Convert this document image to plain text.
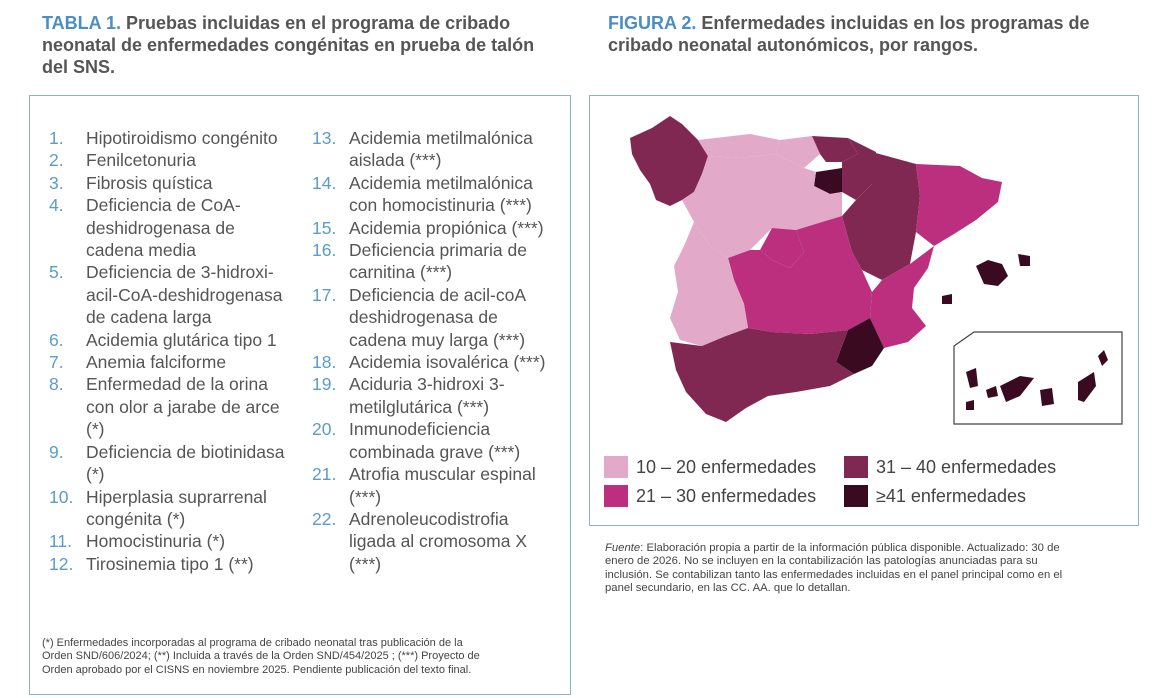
TABLA 1. Pruebas incluidas en el programa de cribado
neonatal de enfermedades congénitas en prueba de talón
del SNS.
1.	Hipotiroidismo congénito
2.	Fenilcetonuria
3.	Fibrosis quística
4.	Deficiencia de CoA-
deshidrogenasa de
cadena media
5.	Deficiencia de 3-hidroxi-
acil-CoA-deshidrogenasa
de cadena larga
6.	Acidemia glutárica tipo 1
7.	Anemia falciforme
8.	Enfermedad de la orina
con olor a jarabe de arce
(*)
9.	Deficiencia de biotinidasa
(*)
10. Hiperplasia suprarrenal
congénita (*)
11. Homocistinuria (*)
12. Tirosinemia tipo 1 (**)
13. Acidemia metilmalónica
aislada (***)
14. Acidemia metilmalónica
con homocistinuria (***)
15. Acidemia propiónica (***)
16. Deficiencia primaria de
carnitina (***)
17. Deficiencia de acil-coA
deshidrogenasa de
cadena muy larga (***)
18. Acidemia isovalérica (***)
19. Aciduria 3-hidroxi 3-
metilglutárica (***)
20. Inmunodeficiencia
combinada grave (***)
21. Atrofia muscular espinal
(***)
22. Adrenoleucodistrofia
ligada al cromosoma X
(***)
(*) Enfermedades incorporadas al programa de cribado neonatal tras publicación de la
Orden SND/606/2024; (**) Incluida a través de la Orden SND/454/2025 ; (***) Proyecto de
Orden aprobado por el CISNS en noviembre 2025. Pendiente publicación del texto final.
FIGURA 2. Enfermedades incluidas en los programas de
cribado neonatal autonómicos, por rangos.
10 – 20 enfermedades
21 – 30 enfermedades
31 – 40 enfermedades
≥41 enfermedades
Fuente: Elaboración propia a partir de la información pública disponible. Actualizado: 30 de
enero de 2026. No se incluyen en la contabilización las patologías anunciadas para su
inclusión. Se contabilizan tanto las enfermedades incluidas en el panel principal como en el
panel secundario, en las CC. AA. que lo detallan.
